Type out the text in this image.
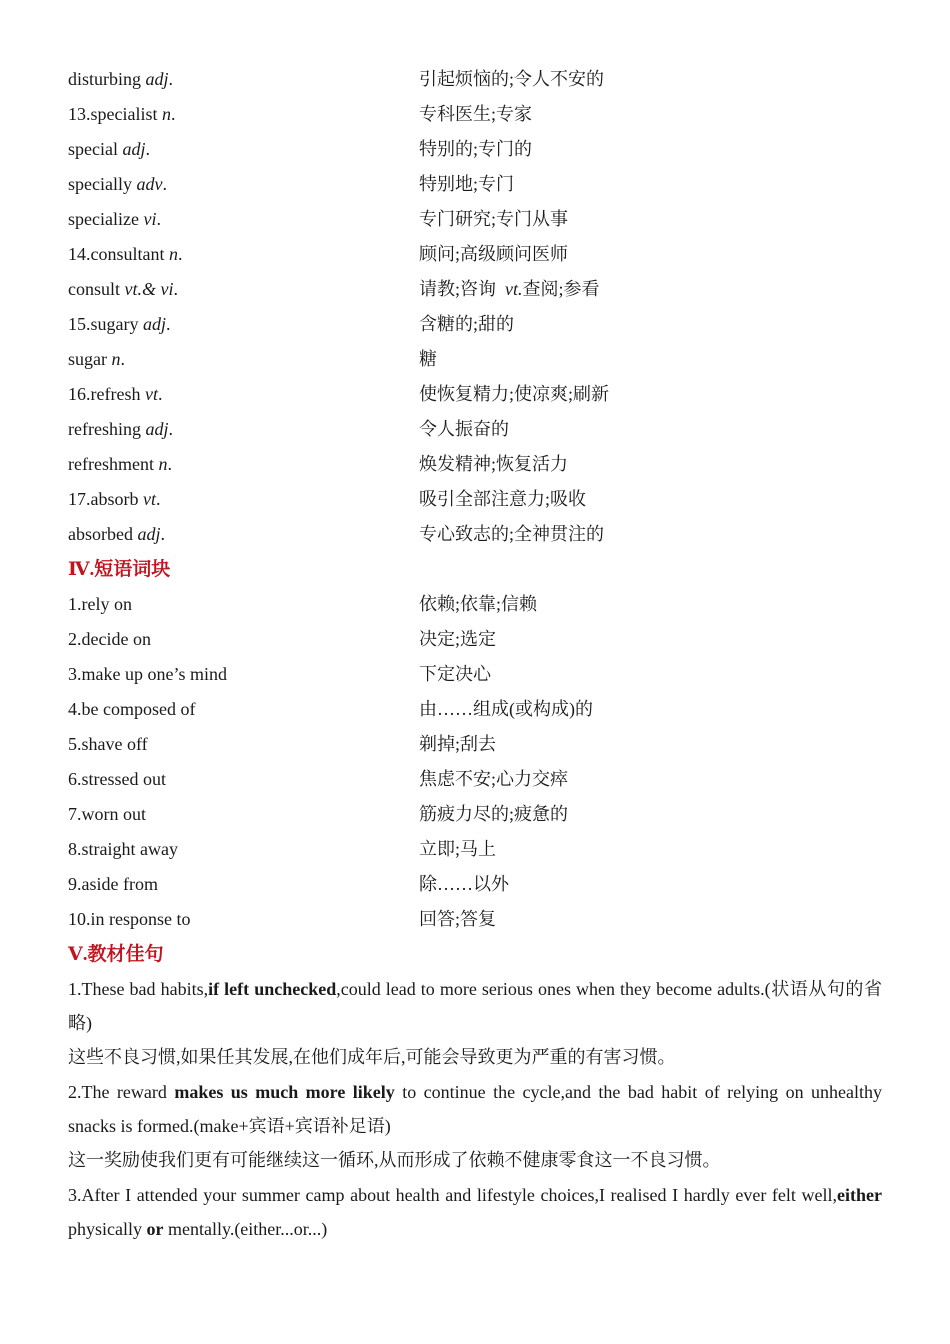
disturbing adj.	引起烦恼的;令人不安的
13.specialist n.	专科医生;专家
special adj.	特别的;专门的
specially adv.	特别地;专门
specialize vi.	专门研究;专门从事
14.consultant n.	顾问;高级顾问医师
consult vt.& vi.	请教;咨询  vt.查阅;参看
15.sugary adj.	含糖的;甜的
sugar n.	糖
16.refresh vt.	使恢复精力;使凉爽;刷新
refreshing adj.	令人振奋的
refreshment n.	焕发精神;恢复活力
17.absorb vt.	吸引全部注意力;吸收
absorbed adj.	专心致志的;全神贯注的
Ⅳ.短语词块
1.rely on	依赖;依靠;信赖
2.decide on	决定;选定
3.make up one’s mind	下定决心
4.be composed of	由……组成(或构成)的
5.shave off	剃掉;刮去
6.stressed out	焦虑不安;心力交瘁
7.worn out	筋疲力尽的;疲惫的
8.straight away	立即;马上
9.aside from	除……以外
10.in response to	回答;答复
Ⅴ.教材佳句

1.These bad habits,if left unchecked,could lead to more serious ones when they become adults.(状语从句的省略)

这些不良习惯,如果任其发展,在他们成年后,可能会导致更为严重的有害习惯。

2.The reward makes us much more likely to continue the cycle,and the bad habit of relying on unhealthy snacks is formed.(make+宾语+宾语补足语)

这一奖励使我们更有可能继续这一循环,从而形成了依赖不健康零食这一不良习惯。

3.After I attended your summer camp about health and lifestyle choices,I realised I hardly ever felt well,either physically or mentally.(either...or...)
